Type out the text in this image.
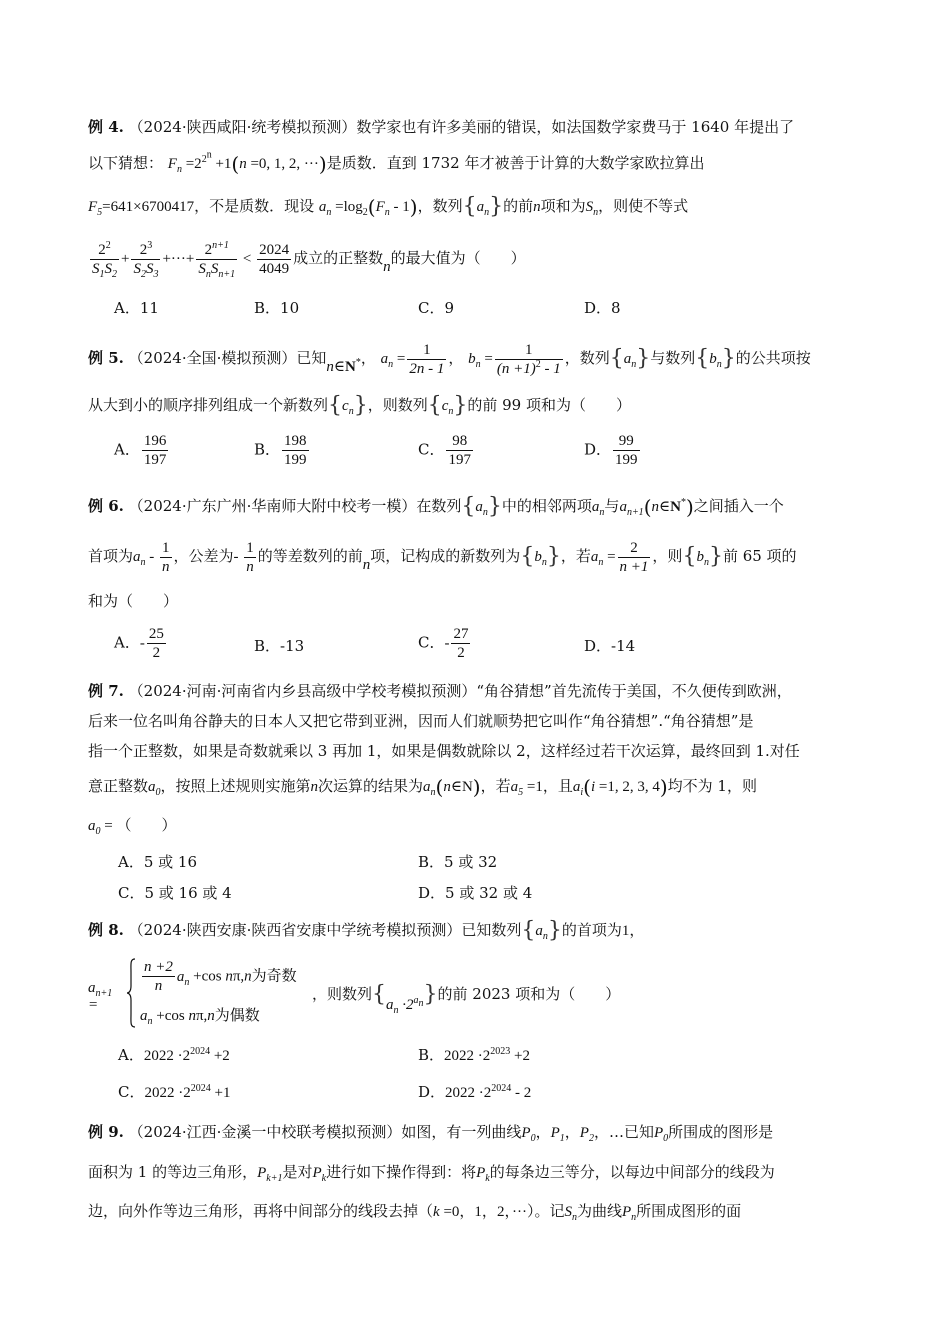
例 4. （2024·陕西咸阳·统考模拟预测）数学家也有许多美丽的错误，如法国数学家费马于 1640 年提出了
以下猜想： $F_n =2^{2^n} +1(n =0$, 1, 2, ···)是质数．直到 1732 年才被善于计算的大数学家欧拉算出
$F_5=641\times 6700417$，不是质数．现设 $a_n =\log_2(F_n - 1)$，数列$\{a_n\}$的前n项和为$S_n$，则使不等式
$\frac{2^2}{S_1S_2} + \frac{2^3}{S_2S_3}$ +···+ $\frac{2^{n+1}}{S_nS_{n+1}} < \frac{2024}{4049}$ 成立的正整数n的最大值为（　　）
A．11	B．10	C．9	D．8
例 5. （2024·全国·模拟预测）已知n∈N*， $a_n = \frac{1}{2n - 1}$ ， $b_n = \frac{1}{(n +1)^2 - 1}$ ，数列$\{a_n\}$与数列$\{b_n\}$的公共项按
从大到小的顺序排列组成一个新数列$\{c_n\}$，则数列$\{c_n\}$的前 99 项和为（　　）
A． $\frac{196}{197}$	B． $\frac{198}{199}$	C． $\frac{98}{197}$	D． $\frac{99}{199}$
例 6. （2024·广东广州·华南师大附中校考一模）在数列$\{a_n\}$中的相邻两项$a_n$与$a_{n+1}(n\in N^*)$之间插入一个
首项为$a_n - \frac{1}{n}$ ，公差为- $\frac{1}{n}$ 的等差数列的前n项，记构成的新数列为$\{b_n\}$，若$a_n = \frac{2}{n +1}$ ，则$\{b_n\}$前 65 项的
和为（　　）
A．- $\frac{25}{2}$	B．-13	C．- $\frac{27}{2}$	D．-14
例 7. （2024·河南·河南省内乡县高级中学校考模拟预测）“角谷猜想”首先流传于美国，不久便传到欧洲，
后来一位名叫角谷静夫的日本人又把它带到亚洲，因而人们就顺势把它叫作“角谷猜想”.“角谷猜想”是
指一个正整数，如果是奇数就乘以 3 再加 1，如果是偶数就除以 2，这样经过若干次运算，最终回到 1.对任
意正整数$a_0$，按照上述规则实施第n次运算的结果为$a_n(n\in N)$，若$a_5 =1$，且$a_i(i =1$, 2, 3, 4)均不为 1，则
$a_0$ = （　　）
A．5 或 16	B．5 或 32
C．5 或 16 或 4	D．5 或 32 或 4
例 8. （2024·陕西安康·陕西省安康中学统考模拟预测）已知数列$\{a_n\}$的首项为1，
$a_{n+1}$ =
$\frac{n +2}{n} a_n +\cos$ nπ,n为奇数
$a_n +\cos$ nπ,n为偶数
，则数列$\{a_n \cdot 2^{a_n}\}$的前 2023 项和为（　　）
A．$2022 \cdot 2^{2024} +2$	B．$2022 \cdot 2^{2023} +2$
C．$2022 \cdot 2^{2024} +1$	D．$2022 \cdot 2^{2024} - 2$
例 9. （2024·江西·金溪一中校联考模拟预测）如图，有一列曲线$P_0$，$P_1$，$P_2$，…已知$P_0$所围成的图形是
面积为 1 的等边三角形，$P_{k+1}$是对$P_k$进行如下操作得到：将$P_k$的每条边三等分，以每边中间部分的线段为
边，向外作等边三角形，再将中间部分的线段去掉（k =0，1，2，···）。记$S_n$为曲线$P_n$所围成图形的面
